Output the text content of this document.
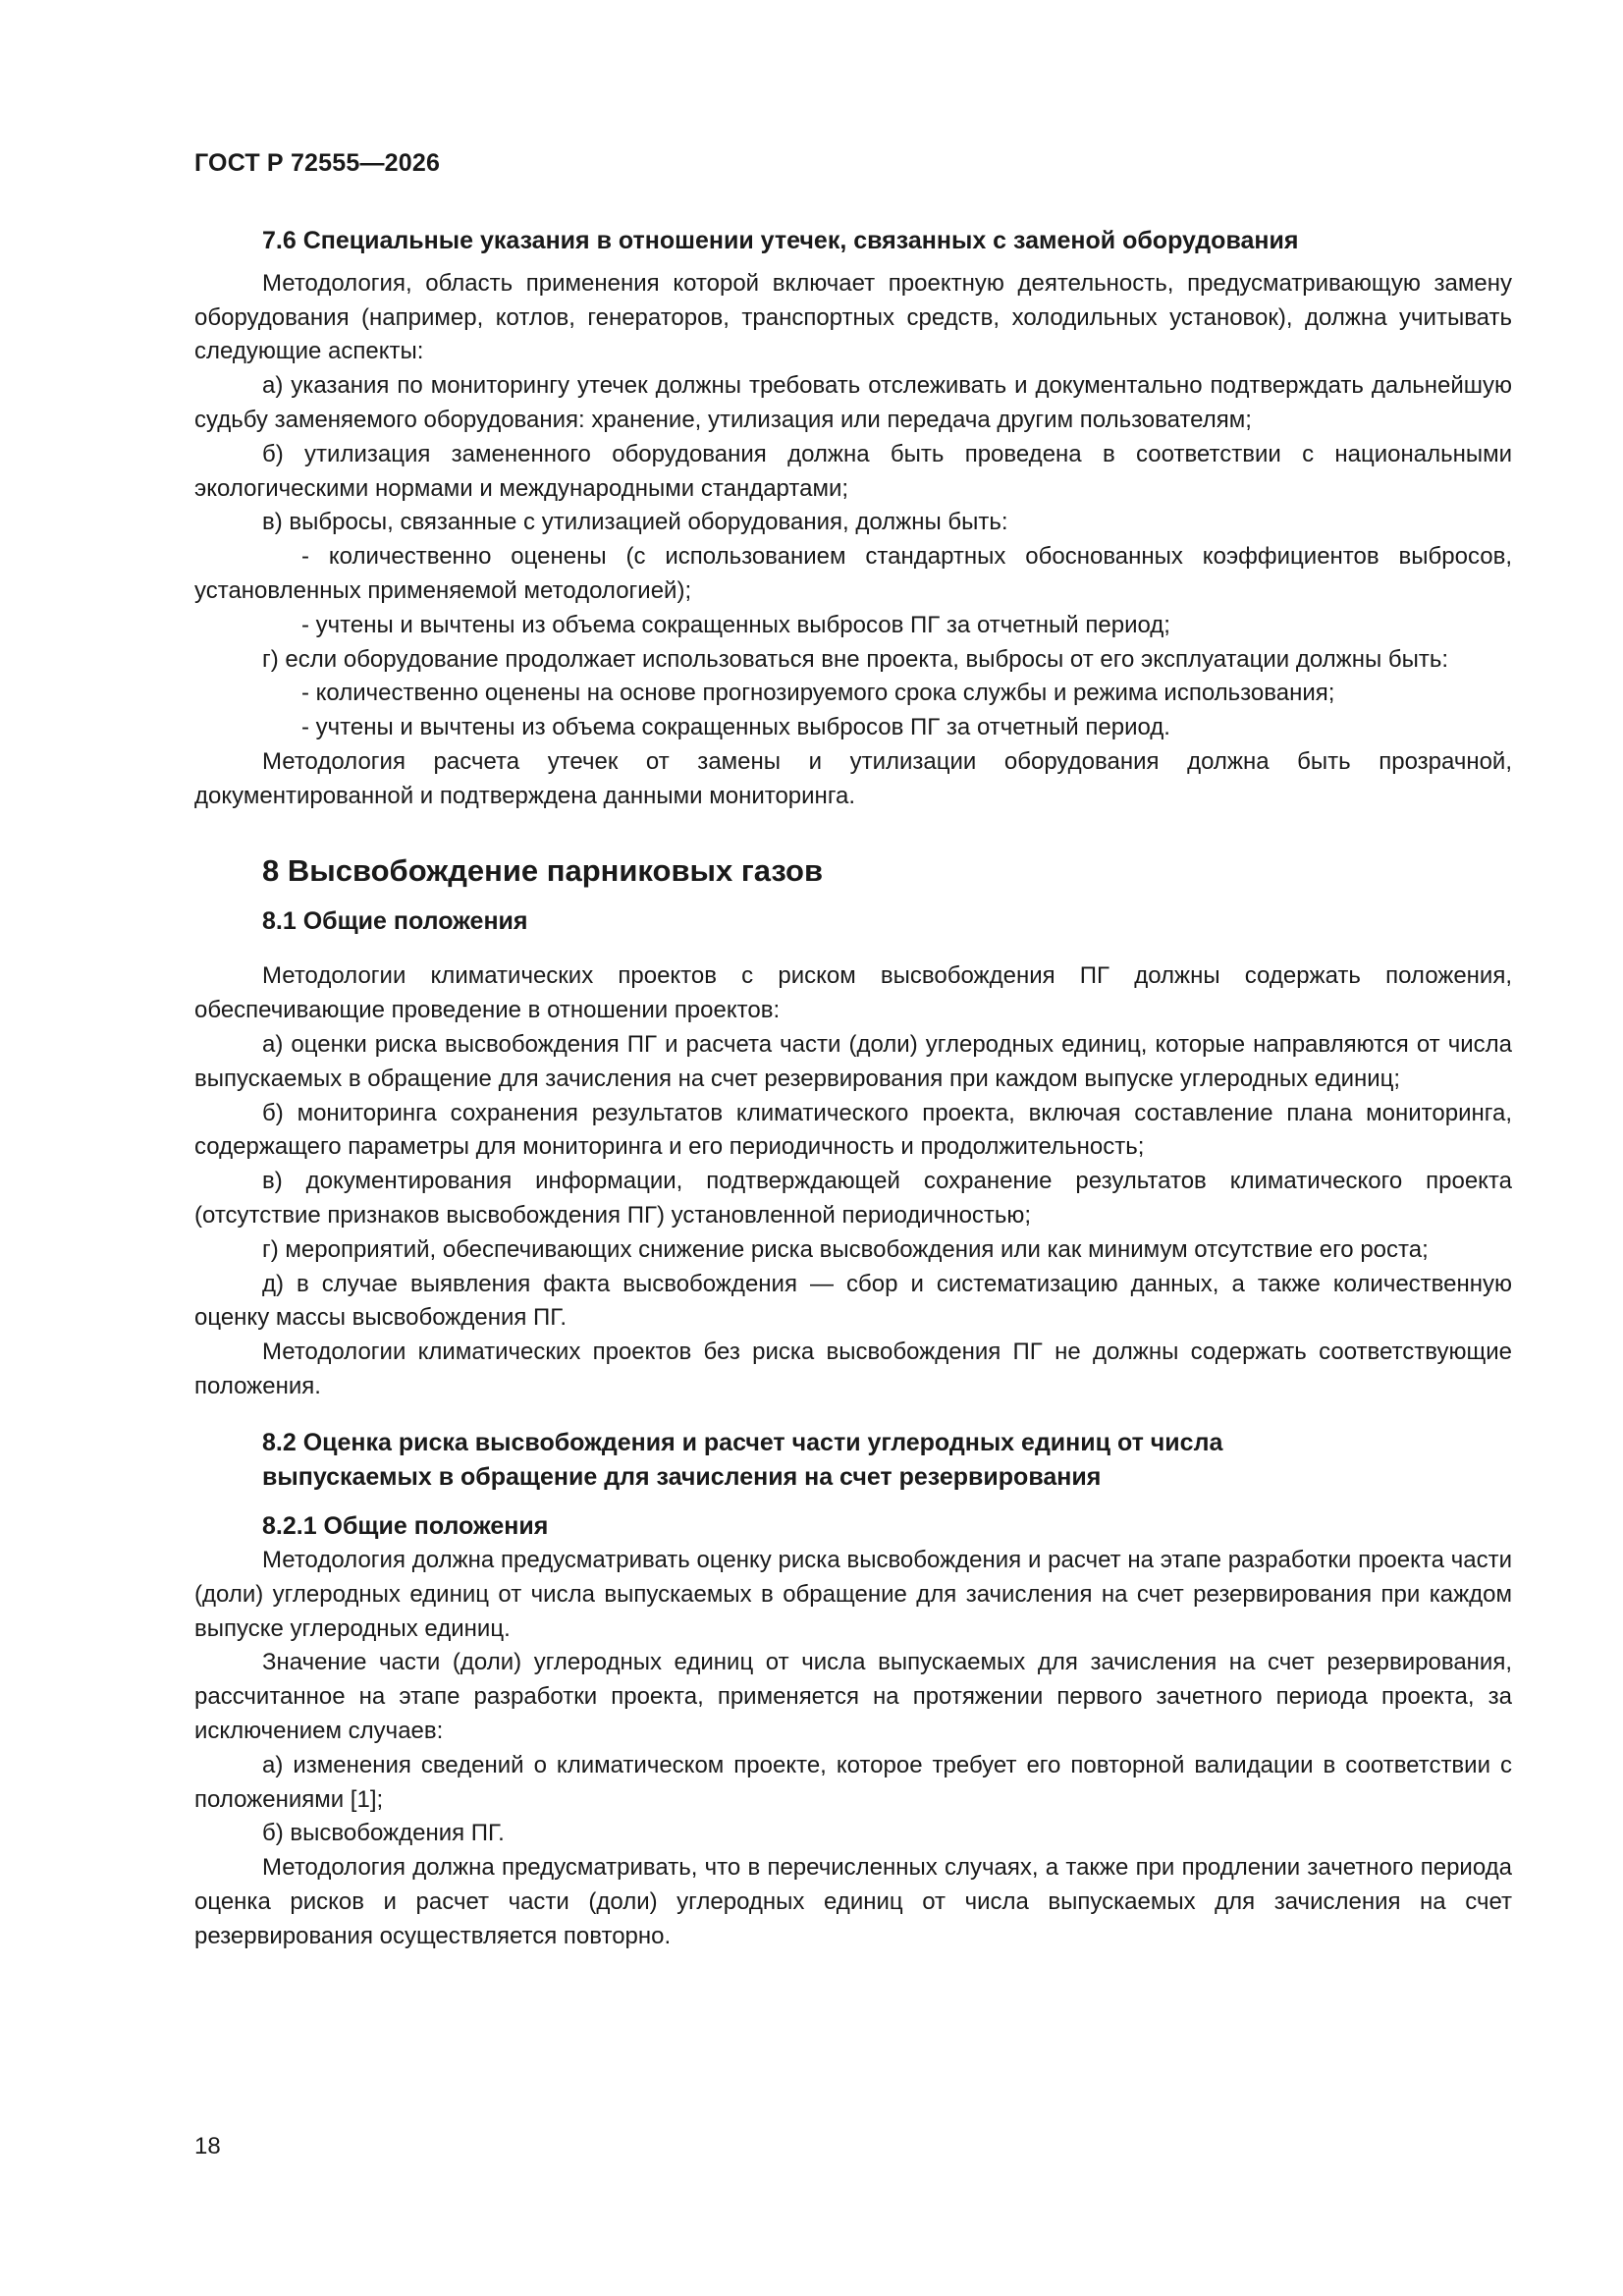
ГОСТ Р 72555—2026
7.6 Специальные указания в отношении утечек, связанных с заменой оборудования

Методология, область применения которой включает проектную деятельность, предусматривающую замену оборудования (например, котлов, генераторов, транспортных средств, холодильных установок), должна учитывать следующие аспекты:

а) указания по мониторингу утечек должны требовать отслеживать и документально подтверждать дальнейшую судьбу заменяемого оборудования: хранение, утилизация или передача другим пользователям;

б) утилизация замененного оборудования должна быть проведена в соответствии с национальными экологическими нормами и международными стандартами;

в) выбросы, связанные с утилизацией оборудования, должны быть:

- количественно оценены (с использованием стандартных обоснованных коэффициентов выбросов, установленных применяемой методологией);

- учтены и вычтены из объема сокращенных выбросов ПГ за отчетный период;

г) если оборудование продолжает использоваться вне проекта, выбросы от его эксплуатации должны быть:

- количественно оценены на основе прогнозируемого срока службы и режима использования;

- учтены и вычтены из объема сокращенных выбросов ПГ за отчетный период.

Методология расчета утечек от замены и утилизации оборудования должна быть прозрачной, документированной и подтверждена данными мониторинга.

8 Высвобождение парниковых газов
8.1 Общие положения

Методологии климатических проектов с риском высвобождения ПГ должны содержать положения, обеспечивающие проведение в отношении проектов:

а) оценки риска высвобождения ПГ и расчета части (доли) углеродных единиц, которые направляются от числа выпускаемых в обращение для зачисления на счет резервирования при каждом выпуске углеродных единиц;

б) мониторинга сохранения результатов климатического проекта, включая составление плана мониторинга, содержащего параметры для мониторинга и его периодичность и продолжительность;

в) документирования информации, подтверждающей сохранение результатов климатического проекта (отсутствие признаков высвобождения ПГ) установленной периодичностью;

г) мероприятий, обеспечивающих снижение риска высвобождения или как минимум отсутствие его роста;

д) в случае выявления факта высвобождения — сбор и систематизацию данных, а также количественную оценку массы высвобождения ПГ.

Методологии климатических проектов без риска высвобождения ПГ не должны содержать соответствующие положения.

8.2 Оценка риска высвобождения и расчет части углеродных единиц от числа
выпускаемых в обращение для зачисления на счет резервирования
8.2.1 Общие положения

Методология должна предусматривать оценку риска высвобождения и расчет на этапе разработки проекта части (доли) углеродных единиц от числа выпускаемых в обращение для зачисления на счет резервирования при каждом выпуске углеродных единиц.

Значение части (доли) углеродных единиц от числа выпускаемых для зачисления на счет резервирования, рассчитанное на этапе разработки проекта, применяется на протяжении первого зачетного периода проекта, за исключением случаев:

а) изменения сведений о климатическом проекте, которое требует его повторной валидации в соответствии с положениями [1];

б) высвобождения ПГ.

Методология должна предусматривать, что в перечисленных случаях, а также при продлении зачетного периода оценка рисков и расчет части (доли) углеродных единиц от числа выпускаемых для зачисления на счет резервирования осуществляется повторно.

18
